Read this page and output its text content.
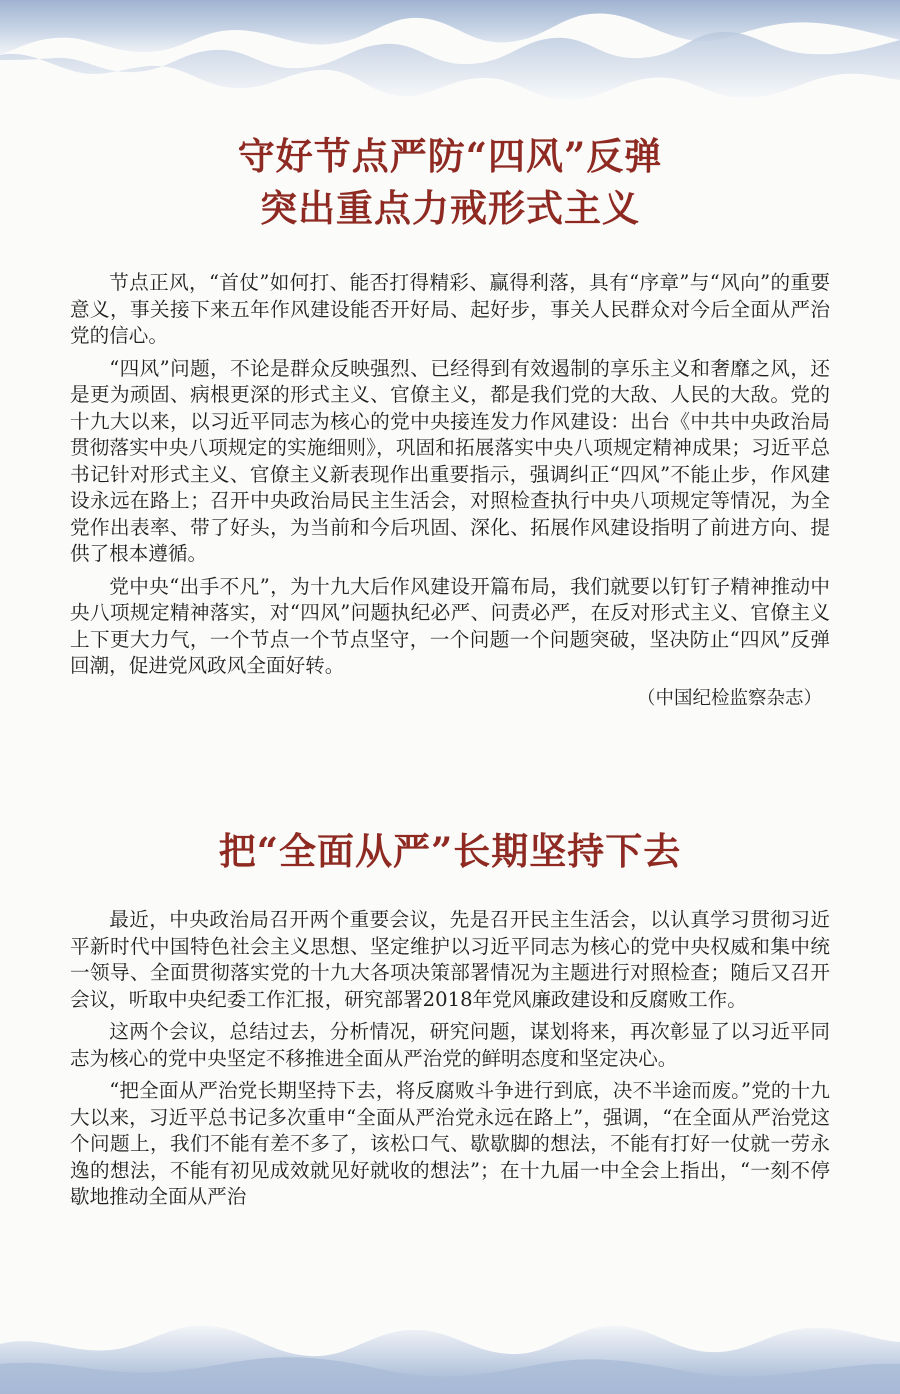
守好节点严防“四风”反弹
突出重点力戒形式主义

节点正风，“首仗”如何打、能否打得精彩、赢得利落，具有“序章”与“风向”的重要意义，事关接下来五年作风建设能否开好局、起好步，事关人民群众对今后全面从严治党的信心。

“四风”问题，不论是群众反映强烈、已经得到有效遏制的享乐主义和奢靡之风，还是更为顽固、病根更深的形式主义、官僚主义，都是我们党的大敌、人民的大敌。党的十九大以来，以习近平同志为核心的党中央接连发力作风建设：出台《中共中央政治局贯彻落实中央八项规定的实施细则》，巩固和拓展落实中央八项规定精神成果；习近平总书记针对形式主义、官僚主义新表现作出重要指示，强调纠正“四风”不能止步，作风建设永远在路上；召开中央政治局民主生活会，对照检查执行中央八项规定等情况，为全党作出表率、带了好头，为当前和今后巩固、深化、拓展作风建设指明了前进方向、提供了根本遵循。

党中央“出手不凡”，为十九大后作风建设开篇布局，我们就要以钉钉子精神推动中央八项规定精神落实，对“四风”问题执纪必严、问责必严，在反对形式主义、官僚主义上下更大力气，一个节点一个节点坚守，一个问题一个问题突破，坚决防止“四风”反弹回潮，促进党风政风全面好转。

（中国纪检监察杂志）

把“全面从严”长期坚持下去

最近，中央政治局召开两个重要会议，先是召开民主生活会，以认真学习贯彻习近平新时代中国特色社会主义思想、坚定维护以习近平同志为核心的党中央权威和集中统一领导、全面贯彻落实党的十九大各项决策部署情况为主题进行对照检查；随后又召开会议，听取中央纪委工作汇报，研究部署2018年党风廉政建设和反腐败工作。

这两个会议，总结过去，分析情况，研究问题，谋划将来，再次彰显了以习近平同志为核心的党中央坚定不移推进全面从严治党的鲜明态度和坚定决心。

“把全面从严治党长期坚持下去，将反腐败斗争进行到底，决不半途而废。”党的十九大以来，习近平总书记多次重申“全面从严治党永远在路上”，强调，“在全面从严治党这个问题上，我们不能有差不多了，该松口气、歇歇脚的想法，不能有打好一仗就一劳永逸的想法，不能有初见成效就见好就收的想法”；在十九届一中全会上指出，“一刻不停歇地推动全面从严治
